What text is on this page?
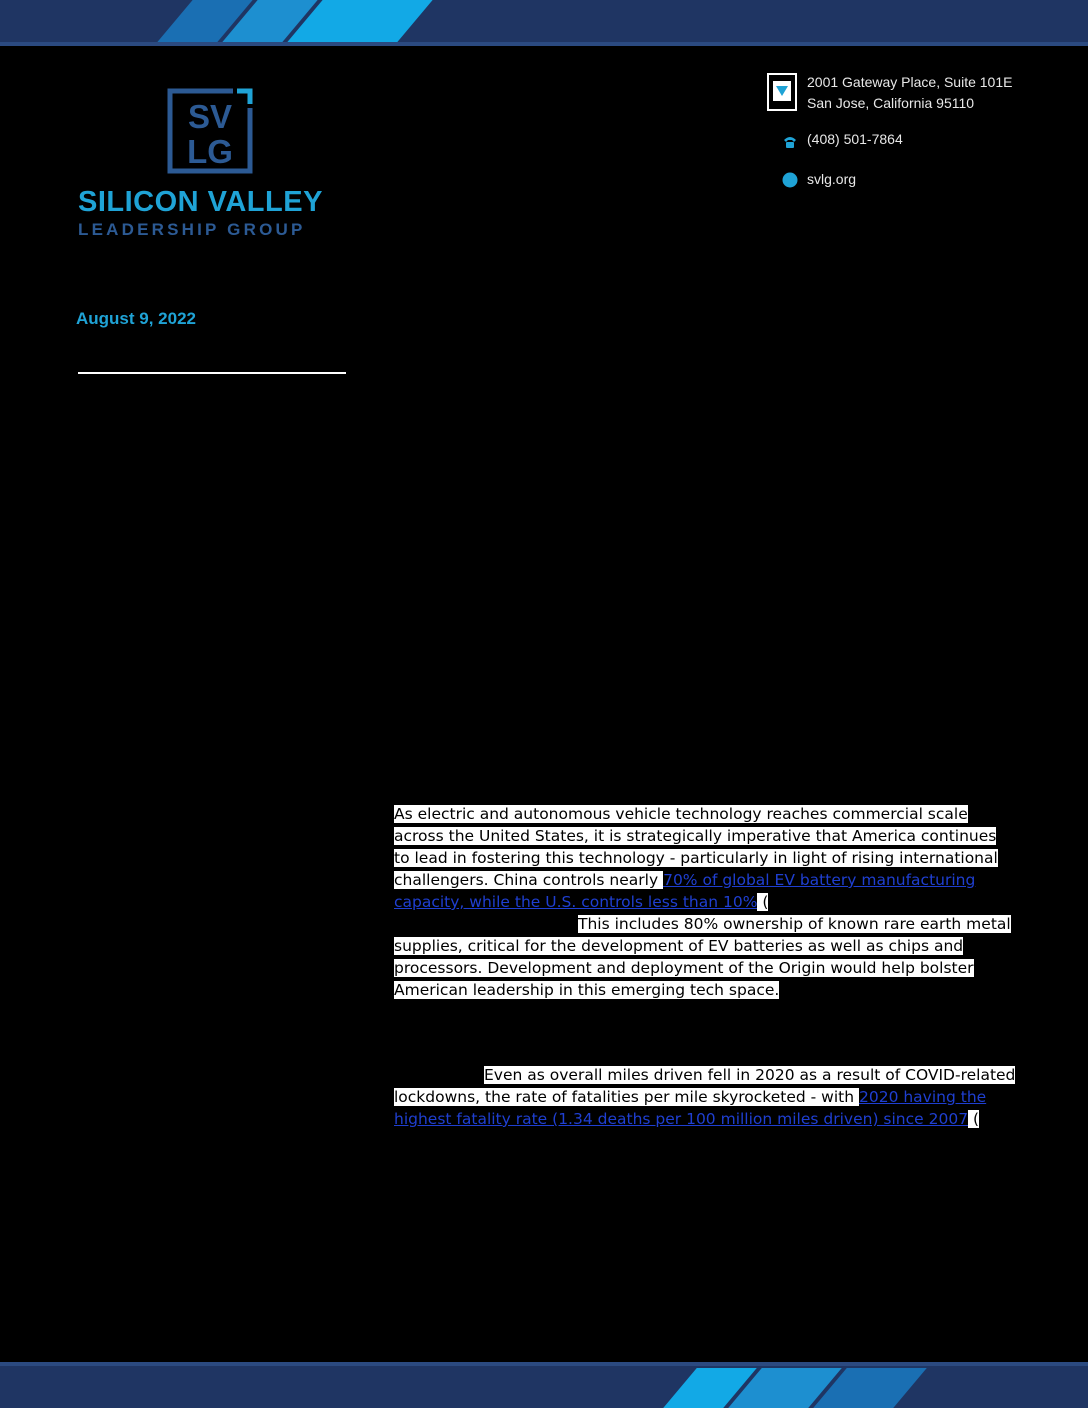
SV
LG
SILICON VALLEY
LEADERSHIP GROUP
2001 Gateway Place, Suite 101E
San Jose, California 95110
(408) 501-7864
svlg.org
August 9, 2022
As electric and autonomous vehicle technology reaches commercial scale across the United States, it is strategically imperative that America continues to lead in fostering this technology - particularly in light of rising international challengers. China controls nearly 70% of global EV battery manufacturing capacity, while the U.S. controls less than 10% (
This includes 80% ownership of known rare earth metal supplies, critical for the development of EV batteries as well as chips and processors. Development and deployment of the Origin would help bolster American leadership in this emerging tech space.
Even as overall miles driven fell in 2020 as a result of COVID-related lockdowns, the rate of fatalities per mile skyrocketed - with 2020 having the highest fatality rate (1.34 deaths per 100 million miles driven) since 2007 (
